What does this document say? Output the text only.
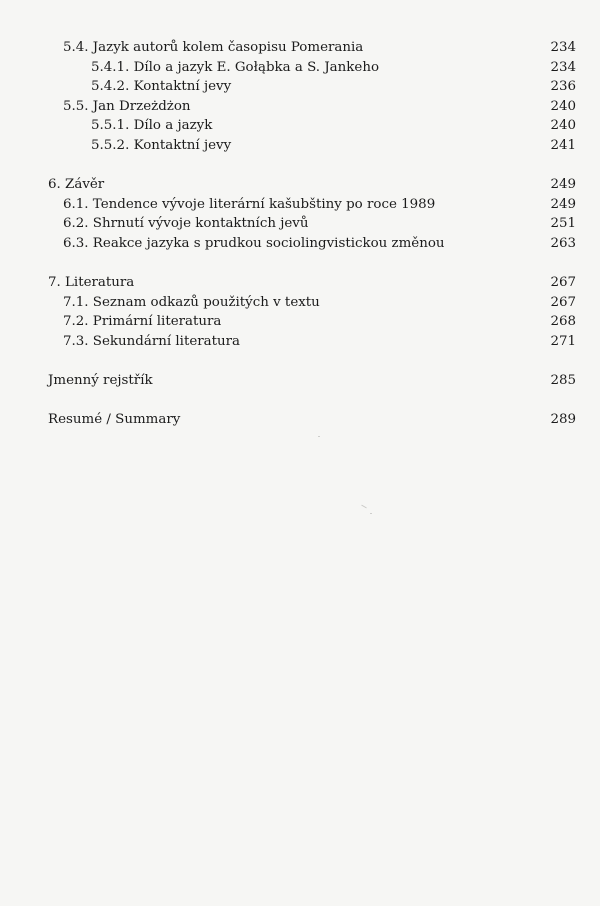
5.4. Jazyk autorů kolem časopisu Pomerania	234
5.4.1. Dílo a jazyk E. Gołąbka a S. Jankeho	234
5.4.2. Kontaktní jevy	236
5.5. Jan Drzeżdżon	240
5.5.1. Dílo a jazyk	240
5.5.2. Kontaktní jevy	241
6. Závěr	249
6.1. Tendence vývoje literární kašubštiny po roce 1989	249
6.2. Shrnutí vývoje kontaktních jevů	251
6.3. Reakce jazyka s prudkou sociolingvistickou změnou	263
7. Literatura	267
7.1. Seznam odkazů použitých v textu	267
7.2. Primární literatura	268
7.3. Sekundární literatura	271
Jmenný rejstřík	285
Resumé / Summary	289
